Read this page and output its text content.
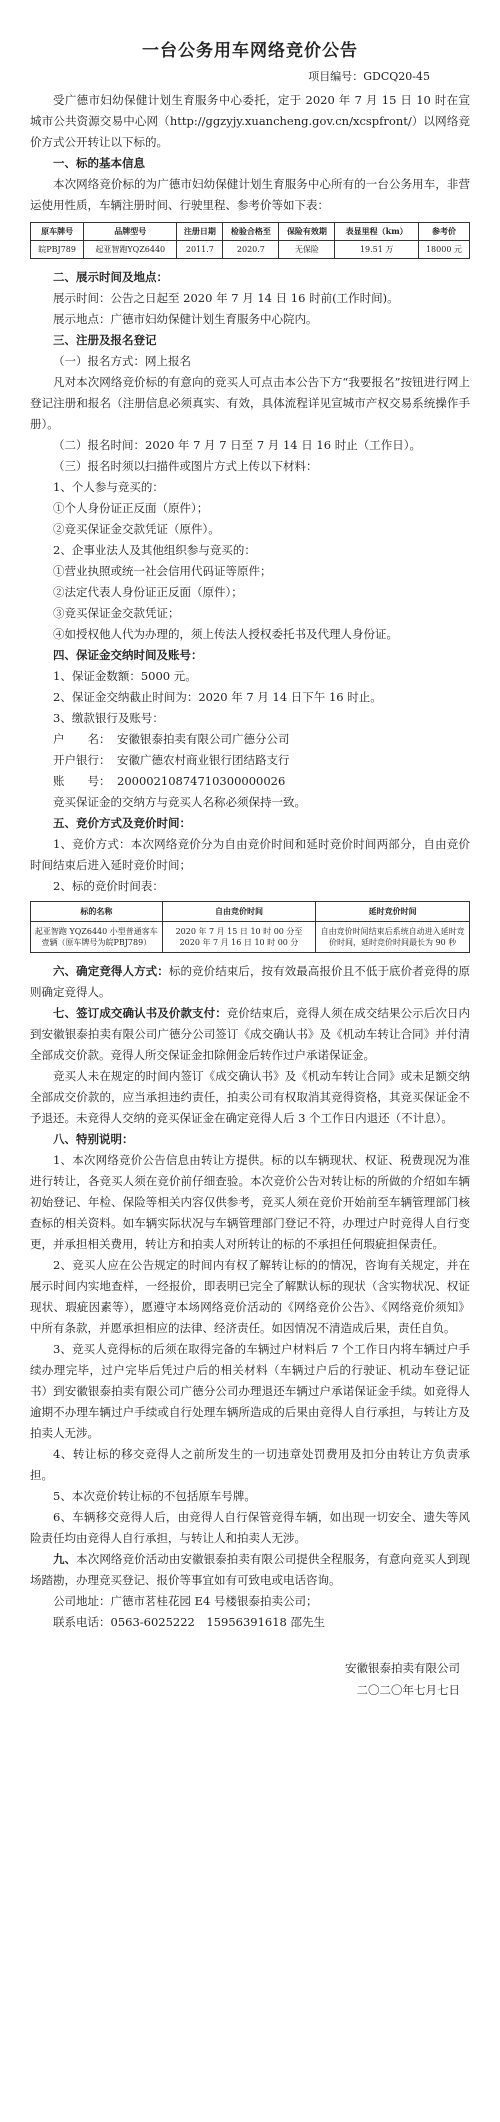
一台公务用车网络竞价公告

项目编号：GDCQ20-45

受广德市妇幼保健计划生育服务中心委托，定于 2020 年 7 月 15 日 10 时在宣城市公共资源交易中心网（http://ggzyjy.xuancheng.gov.cn/xcspfront/）以网络竞价方式公开转让以下标的。

一、标的基本信息

本次网络竞价标的为广德市妇幼保健计划生育服务中心所有的一台公务用车，非营运使用性质，车辆注册时间、行驶里程、参考价等如下表：

原车牌号	品牌型号	注册日期	检验合格至	保险有效期	表显里程（km）	参考价
皖PBJ789	起亚智跑YQZ6440	2011.7	2020.7	无保险	19.51 万	18000 元

二、展示时间及地点：

展示时间：公告之日起至 2020 年 7 月 14 日 16 时前(工作时间)。

展示地点：广德市妇幼保健计划生育服务中心院内。

三、注册及报名登记

（一）报名方式：网上报名

凡对本次网络竞价标的有意向的竞买人可点击本公告下方“我要报名”按钮进行网上登记注册和报名（注册信息必须真实、有效，具体流程详见宣城市产权交易系统操作手册）。

（二）报名时间：2020 年 7 月 7 日至 7 月 14 日 16 时止（工作日）。

（三）报名时须以扫描件或图片方式上传以下材料：

1、个人参与竞买的：

①个人身份证正反面（原件）；

②竞买保证金交款凭证（原件）。

2、企事业法人及其他组织参与竞买的：

①营业执照或统一社会信用代码证等原件；

②法定代表人身份证正反面（原件）；

③竞买保证金交款凭证；

④如授权他人代为办理的，须上传法人授权委托书及代理人身份证。

四、保证金交纳时间及账号：

1、保证金数额：5000 元。

2、保证金交纳截止时间为：2020 年 7 月 14 日下午 16 时止。

3、缴款银行及账号：

户　　名： 安徽银泰拍卖有限公司广德分公司

开户银行： 安徽广德农村商业银行团结路支行

账　　号： 20000210874710300000026

竞买保证金的交纳方与竞买人名称必须保持一致。

五、竞价方式及竞价时间：

1、竞价方式：本次网络竞价分为自由竞价时间和延时竞价时间两部分，自由竞价时间结束后进入延时竞价时间；

2、标的竞价时间表：

标的名称	自由竞价时间	延时竞价时间
起亚智跑 YQZ6440 小型普通客车壹辆（原车牌号为皖PBJ789）	2020 年 7 月 15 日 10 时 00 分至 2020 年 7 月 16 日 10 时 00 分	自由竞价时间结束后系统自动进入延时竞价时间，延时竞价时间最长为 90 秒

六、确定竞得人方式：标的竞价结束后，按有效最高报价且不低于底价者竞得的原则确定竞得人。

七、签订成交确认书及价款支付：竞价结束后，竞得人须在成交结果公示后次日内到安徽银泰拍卖有限公司广德分公司签订《成交确认书》及《机动车转让合同》并付清全部成交价款。竞得人所交保证金扣除佣金后转作过户承诺保证金。

竞买人未在规定的时间内签订《成交确认书》及《机动车转让合同》或未足额交纳全部成交价款的，应当承担违约责任，拍卖公司有权取消其竞得资格，其竞买保证金不予退还。未竞得人交纳的竞买保证金在确定竞得人后 3 个工作日内退还（不计息）。

八、特别说明：

1、本次网络竞价公告信息由转让方提供。标的以车辆现状、权证、税费现况为准进行转让，各竞买人须在竞价前仔细查验。本次竞价公告对转让标的所做的介绍如车辆初始登记、年检、保险等相关内容仅供参考，竞买人须在竞价开始前至车辆管理部门核查标的相关资料。如车辆实际状况与车辆管理部门登记不符，办理过户时竞得人自行变更，并承担相关费用，转让方和拍卖人对所转让的标的不承担任何瑕疵担保责任。

2、竞买人应在公告规定的时间内有权了解转让标的的情况，咨询有关规定，并在展示时间内实地查样，一经报价，即表明已完全了解默认标的现状（含实物状况、权证现状、瑕疵因素等），愿遵守本场网络竞价活动的《网络竞价公告》、《网络竞价须知》中所有条款，并愿承担相应的法律、经济责任。如因情况不清造成后果，责任自负。

3、竞买人竞得标的后须在取得完备的车辆过户材料后 7 个工作日内将车辆过户手续办理完毕，过户完毕后凭过户后的相关材料（车辆过户后的行驶证、机动车登记证书）到安徽银泰拍卖有限公司广德分公司办理退还车辆过户承诺保证金手续。如竞得人逾期不办理车辆过户手续或自行处理车辆所造成的后果由竞得人自行承担，与转让方及拍卖人无涉。

4、转让标的移交竞得人之前所发生的一切违章处罚费用及扣分由转让方负责承担。

5、本次竞价转让标的不包括原车号牌。

6、车辆移交竞得人后，由竞得人自行保管竞得车辆，如出现一切安全、遗失等风险责任均由竞得人自行承担，与转让人和拍卖人无涉。

九、本次网络竞价活动由安徽银泰拍卖有限公司提供全程服务，有意向竞买人到现场踏勘，办理竞买登记、报价等事宜如有可致电或电话咨询。

公司地址：广德市茗桂花园 E4 号楼银泰拍卖公司；

联系电话：0563-6025222　15956391618 邵先生

安徽银泰拍卖有限公司

二〇二〇年七月七日
